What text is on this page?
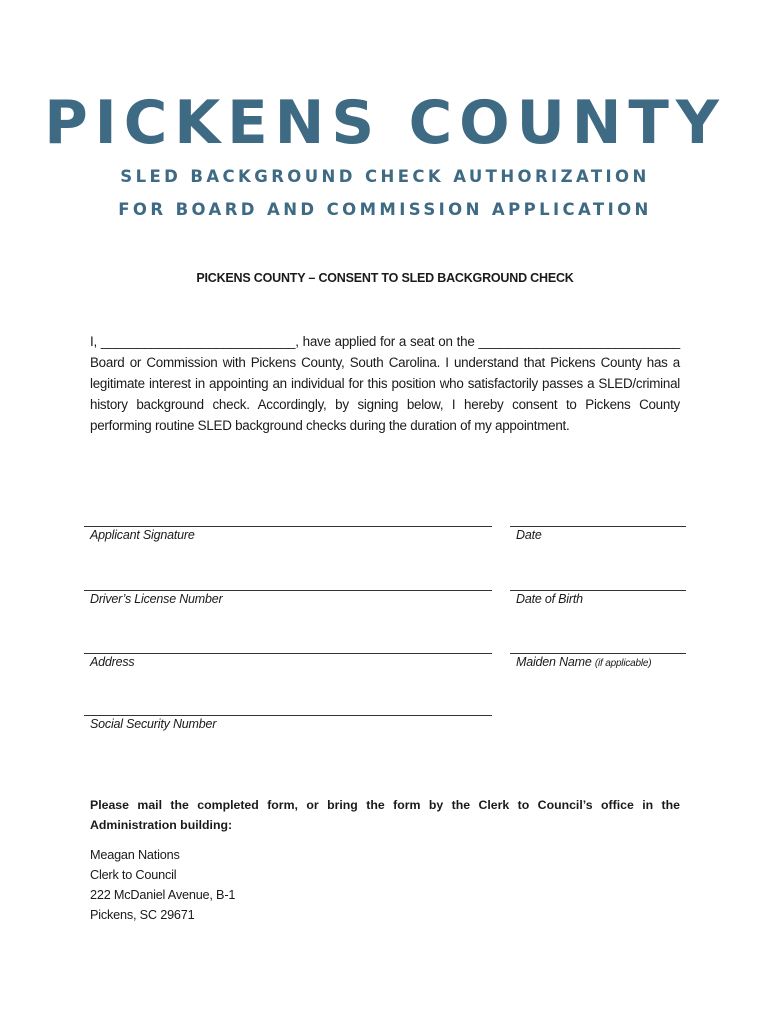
PICKENS COUNTY
SLED BACKGROUND CHECK AUTHORIZATION
FOR BOARD AND COMMISSION APPLICATION
PICKENS COUNTY – CONSENT TO SLED BACKGROUND CHECK
I, ___________________________, have applied for a seat on the ____________________________ Board or Commission with Pickens County, South Carolina. I understand that Pickens County has a legitimate interest in appointing an individual for this position who satisfactorily passes a SLED/criminal history background check. Accordingly, by signing below, I hereby consent to Pickens County performing routine SLED background checks during the duration of my appointment.
Applicant Signature	Date
Driver’s License Number	Date of Birth
Address	Maiden Name (if applicable)
Social Security Number
Please mail the completed form, or bring the form by the Clerk to Council’s office in the Administration building:
Meagan Nations
Clerk to Council
222 McDaniel Avenue, B-1
Pickens, SC 29671
